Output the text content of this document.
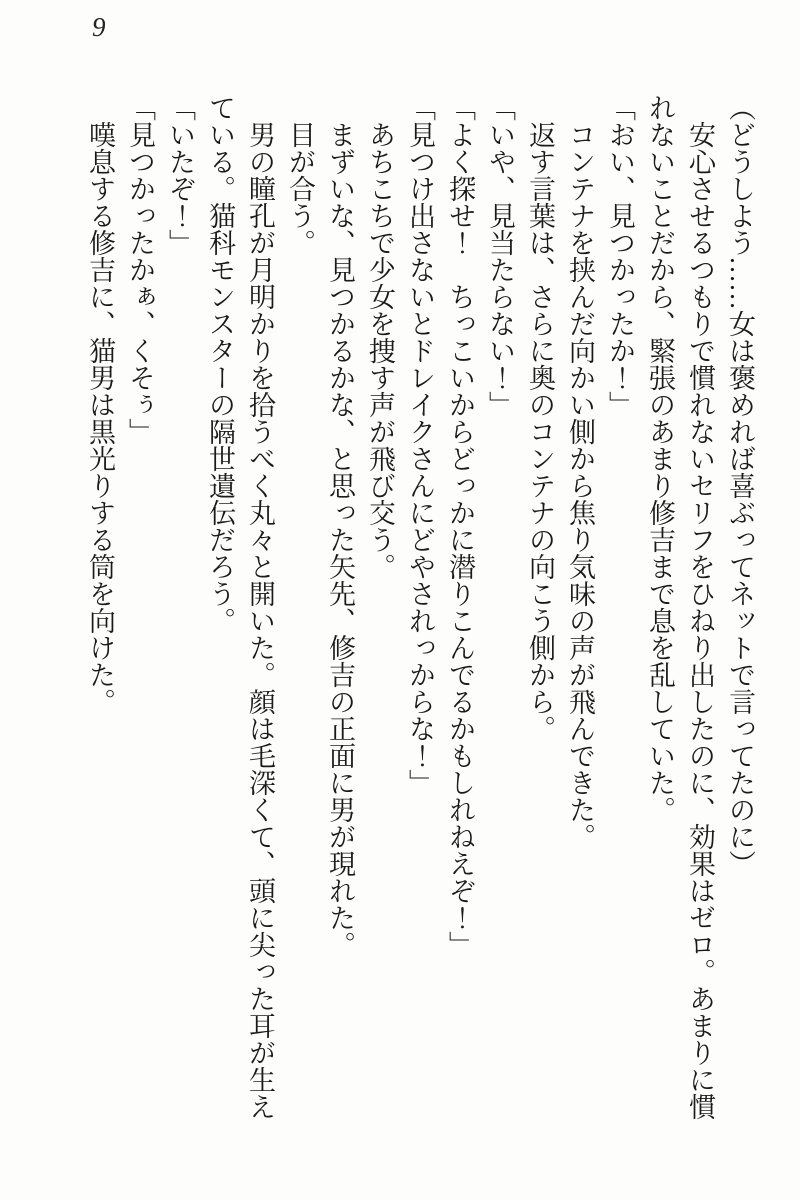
9

（どうしよう……女は褒めれば喜ぶってネットで言ってたのに）

　安心させるつもりで慣れないセリフをひねり出したのに、効果はゼロ。あまりに慣

れないことだから、緊張のあまり修吉まで息を乱していた。

「おい、見つかったか！」

　コンテナを挟んだ向かい側から焦り気味の声が飛んできた。

　返す言葉は、さらに奥のコンテナの向こう側から。

「いや、見当たらない！」

「よく探せ！　ちっこいからどっかに潜りこんでるかもしれねえぞ！」

「見つけ出さないとドレイクさんにどやされっからな！」

　あちこちで少女を捜す声が飛び交う。

　まずいな、見つかるかな、と思った矢先、修吉の正面に男が現れた。

　目が合う。

　男の瞳孔が月明かりを拾うべく丸々と開いた。顔は毛深くて、頭に尖った耳が生え

ている。猫科モンスターの隔世遺伝だろう。

「いたぞ！」

「見つかったかぁ、くそぅ」

　嘆息する修吉に、猫男は黒光りする筒を向けた。
